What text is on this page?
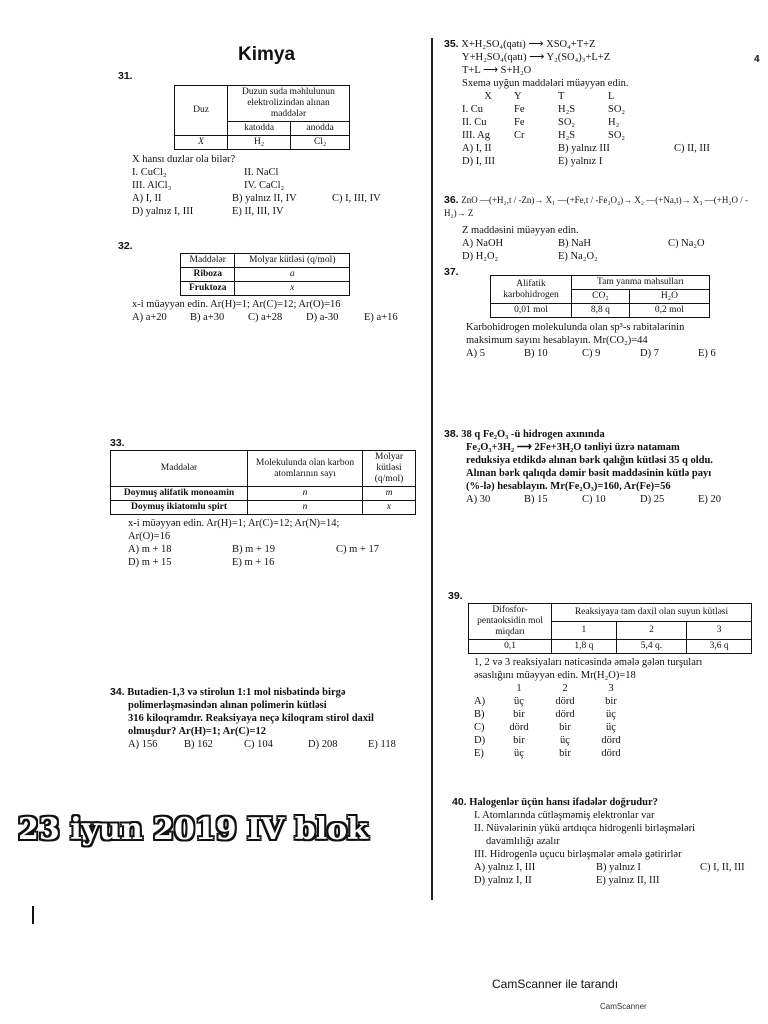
Kimya

31.

Duz	Duzun suda məhlulunun elektrolizindən alınan maddələr	
	katodda	anodda
X	H₂	Cl₂

X hansı duzlar ola bilər?

I. CuCl₂	II. NaCl

III. AlCl₃	IV. CaCl₂

A) I, II	B) yalnız II, IV	C) I, III, IV

D) yalnız I, III	E) II, III, IV

32.

Maddələr	Molyar kütləsi (q/mol)
Riboza	a
Fruktoza	x

x-i müəyyən edin. Ar(H)=1; Ar(C)=12; Ar(O)=16

A) a+20 B) a+30 C) a+28 D) a-30 E) a+16

33.

Maddələr	Molekulunda olan karbon atomlarının sayı	Molyar kütləsi (q/mol)
Doymuş alifatik monoamin	n	m
Doymuş ikiatomlu spirt	n	x

x-i müəyyən edin. Ar(H)=1; Ar(C)=12; Ar(N)=14;

Ar(O)=16

A) m + 18	B) m + 19	C) m + 17

D) m + 15	E) m + 16

34. Butadien-1,3 və stirolun 1:1 mol nisbətində birgə

polimerləşməsindən alınan polimerin kütləsi

316 kiloqramdır. Reaksiyaya neçə kiloqram stirol daxil

olmuşdur? Ar(H)=1; Ar(C)=12

A) 156	B) 162	C) 104	D) 208	E) 118

35. X+H₂SO₄(qatı) ⟶ XSO₄+T+Z

Y+H₂SO₄(qatı) ⟶ Y₂(SO₄)₃+L+Z

T+L ⟶ S+H₂O

Sxemə uyğun maddələri müəyyən edin.

X Y	T	L

I. Cu	Fe	H₂S	SO₂

II. Cu	Fe	SO₂	H₂

III. Ag Cr	H₂S	SO₂

A) I, II	B) yalnız III	C) II, III

D) I, III	E) yalnız I

4

36. ZnO —(+H₂,t / -Zn)→ X₁ —(+Fe,t / -Fe₃O₄)→ X₂ —(+Na,t)→ X₃ —(+H₂O / -H₂)→ Z

Z maddəsini müəyyən edin.

A) NaOH	B) NaH	C) Na₂O

D) H₂O₂	E) Na₂O₂

37.

Alifatik karbohidrogen	Tam yanma məhsulları	
	CO₂	H₂O
0,01 mol	8,8 q	0,2 mol

Karbohidrogen molekulunda olan sp³-s rabitələrinin

maksimum sayını hesablayın. Mr(CO₂)=44

A) 5	B) 10	C) 9	D) 7	E) 6

38. 38 q Fe₂O₃ -ü hidrogen axınında

Fe₂O₃+3H₂ ⟶ 2Fe+3H₂O tənliyi üzrə natamam

reduksiya etdikdə alınan bərk qalığın kütləsi 35 q oldu.

Alınan bərk qalıqda dəmir bəsit maddəsinin kütlə payı

(%-lə) hesablayın. Mr(Fe₂O₃)=160, Ar(Fe)=56

A) 30	B) 15	C) 10	D) 25	E) 20

39.

Difosfor-pentaoksidin mol miqdarı	Reaksiyaya tam daxil olan suyun kütləsi		
	1	2	3
0,1	1,8 q	5,4 q.	3,6 q

1, 2 və 3 reaksiyaları nəticəsində əmələ gələn turşuları

əsaslığını müəyyən edin. Mr(H₂O)=18

1	2	3

A)	üç	dörd	bir

B)	bir	dörd	üç

C) dörd	bir	üç

D)	bir	üç	dörd

E)	üç	bir	dörd

40. Halogenlər üçün hansı ifadələr doğrudur?

I. Atomlarında cütləşməmiş elektronlar var

II. Nüvələrinin yükü artdıqca hidrogenli birləşmələri

davamlılığı azalır

III. Hidrogenlə uçucu birləşmələr əmələ gətirirlər

A) yalnız I, III	B) yalnız I	C) I, II, III

D) yalnız I, II	E) yalnız II, III

23 iyun 2019 IV blok
CamScanner ile tarandı
CamScanner
